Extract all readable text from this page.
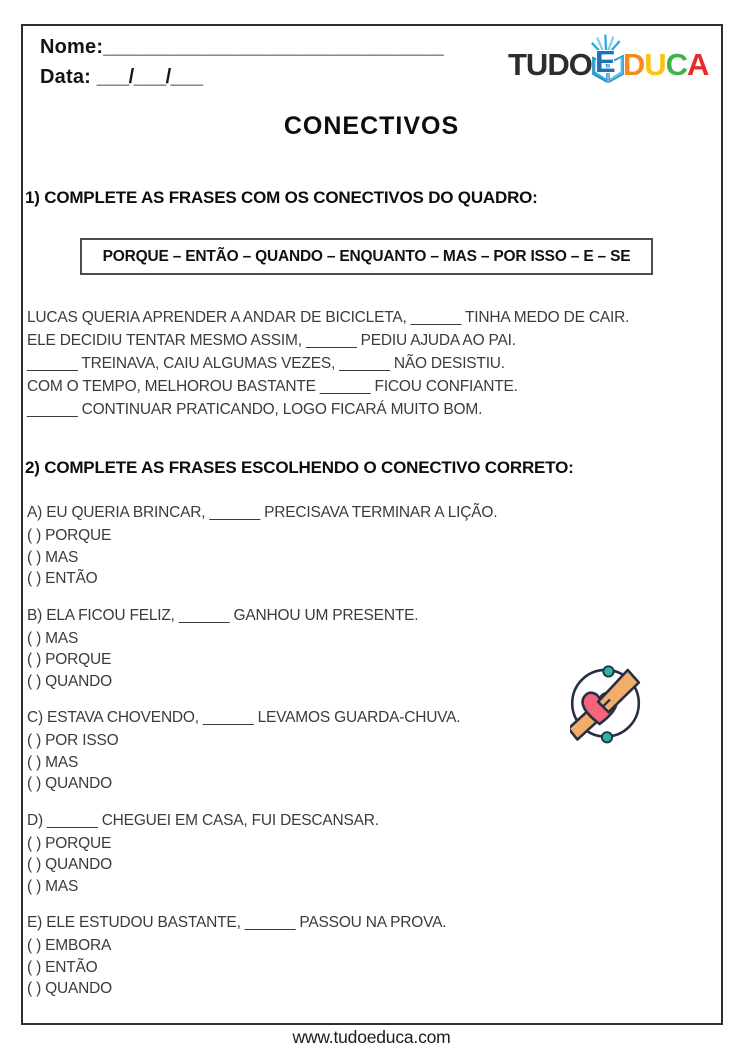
Nome:________________________________
Data: ___/___/___	TUDO D U C A
E
CONECTIVOS
1) COMPLETE AS FRASES COM OS CONECTIVOS DO QUADRO:
PORQUE – ENTÃO – QUANDO – ENQUANTO – MAS – POR ISSO – E – SE
LUCAS QUERIA APRENDER A ANDAR DE BICICLETA, ______ TINHA MEDO DE CAIR.
ELE DECIDIU TENTAR MESMO ASSIM, ______ PEDIU AJUDA AO PAI.
______ TREINAVA, CAIU ALGUMAS VEZES, ______ NÃO DESISTIU.
COM O TEMPO, MELHOROU BASTANTE ______ FICOU CONFIANTE.
______ CONTINUAR PRATICANDO, LOGO FICARÁ MUITO BOM.
2) COMPLETE AS FRASES ESCOLHENDO O CONECTIVO CORRETO:
A) EU QUERIA BRINCAR, ______ PRECISAVA TERMINAR A LIÇÃO.
( ) PORQUE
( ) MAS
( ) ENTÃO
B) ELA FICOU FELIZ, ______ GANHOU UM PRESENTE.
( ) MAS
( ) PORQUE
( ) QUANDO
C) ESTAVA CHOVENDO, ______ LEVAMOS GUARDA-CHUVA.
( ) POR ISSO
( ) MAS
( ) QUANDO
D) ______ CHEGUEI EM CASA, FUI DESCANSAR.
( ) PORQUE
( ) QUANDO
( ) MAS
E) ELE ESTUDOU BASTANTE, ______ PASSOU NA PROVA.
( ) EMBORA
( ) ENTÃO
( ) QUANDO
www.tudoeduca.com
